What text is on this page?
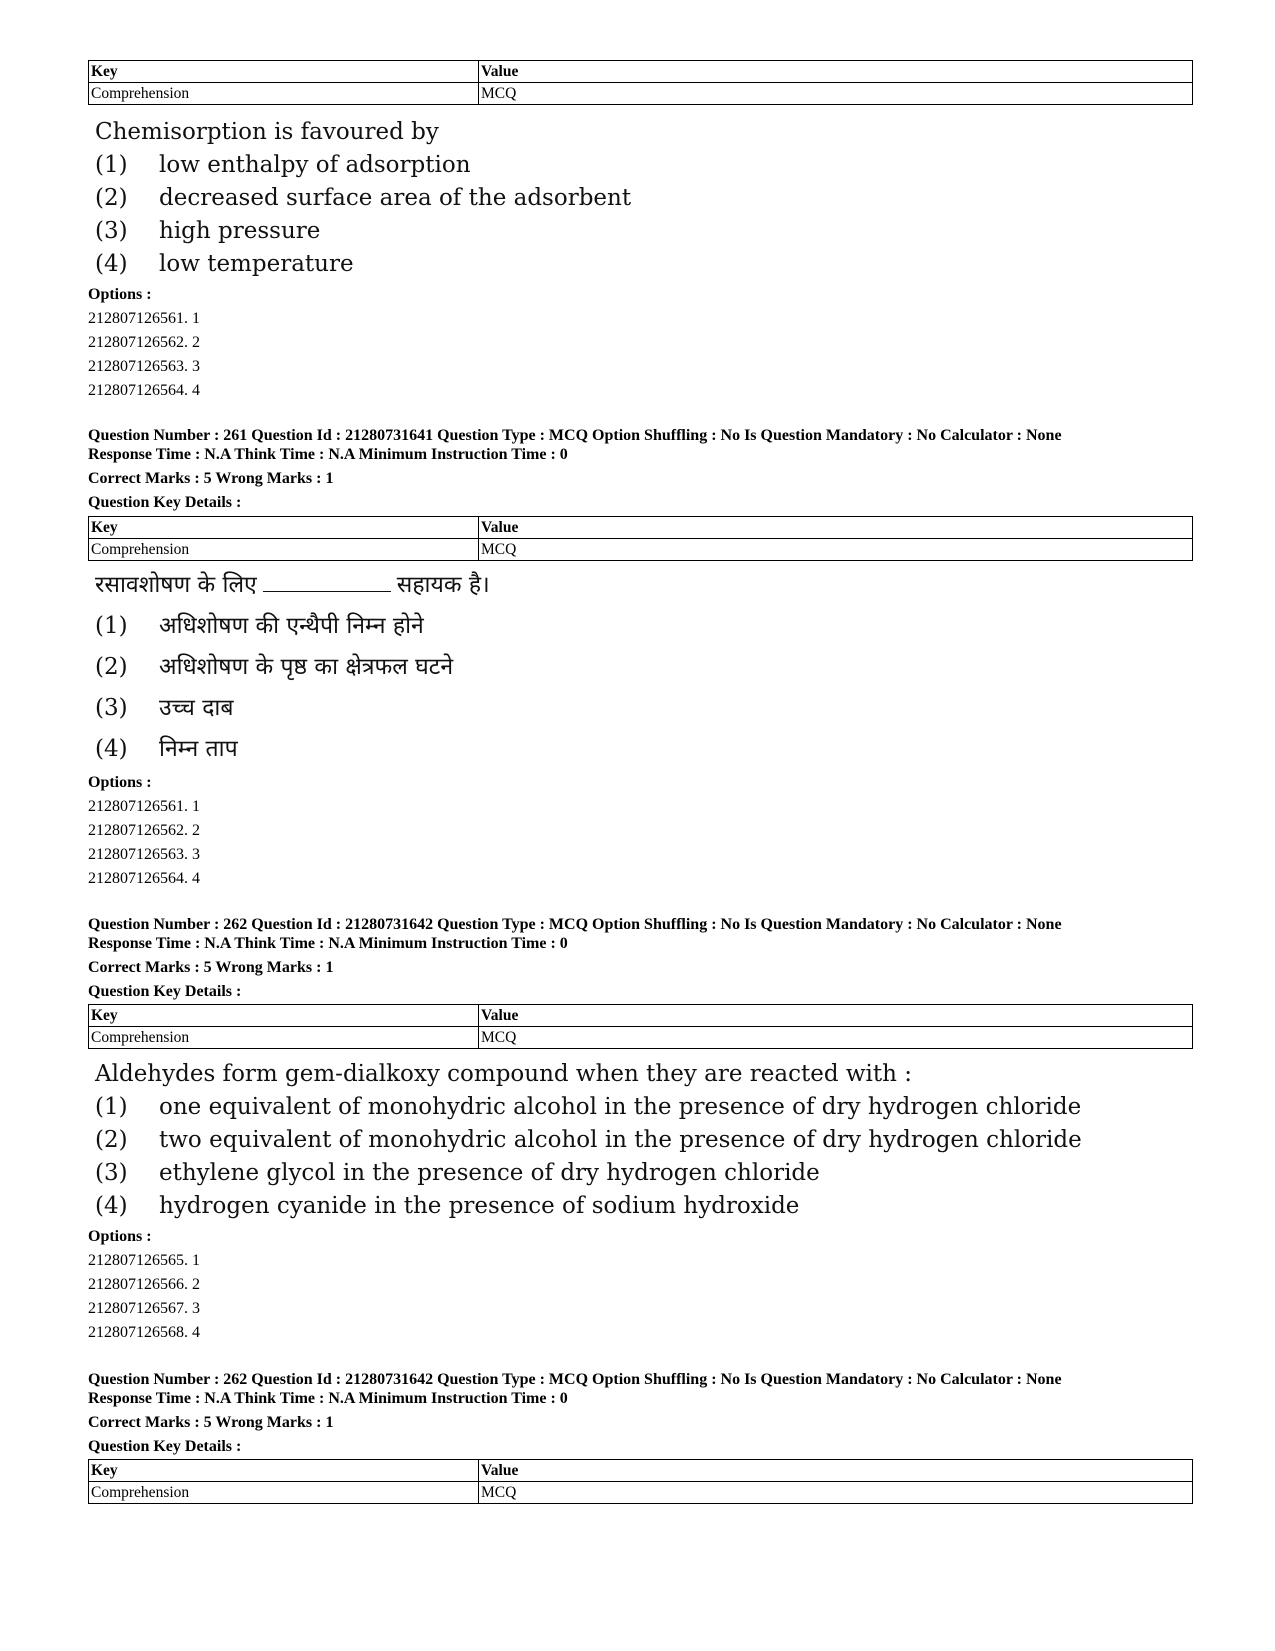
Key	Value
Comprehension	MCQ
Chemisorption is favoured by
(1) low enthalpy of adsorption
(2) decreased surface area of the adsorbent
(3) high pressure
(4) low temperature
Options :
212807126561. 1
212807126562. 2
212807126563. 3
212807126564. 4
Question Number : 261 Question Id : 21280731641 Question Type : MCQ Option Shuffling : No Is Question Mandatory : No Calculator : None
Response Time : N.A Think Time : N.A Minimum Instruction Time : 0
Correct Marks : 5 Wrong Marks : 1
Question Key Details :
Key	Value
Comprehension	MCQ
रसावशोषण के लिए	सहायक है।
(1) अधिशोषण की एन्थैपी निम्न होने
(2) अधिशोषण के पृष्ठ का क्षेत्रफल घटने
(3) उच्च दाब
(4) निम्न ताप
Options :
212807126561. 1
212807126562. 2
212807126563. 3
212807126564. 4
Question Number : 262 Question Id : 21280731642 Question Type : MCQ Option Shuffling : No Is Question Mandatory : No Calculator : None
Response Time : N.A Think Time : N.A Minimum Instruction Time : 0
Correct Marks : 5 Wrong Marks : 1
Question Key Details :
Key	Value
Comprehension	MCQ
Aldehydes form gem-dialkoxy compound when they are reacted with :
(1) one equivalent of monohydric alcohol in the presence of dry hydrogen chloride
(2) two equivalent of monohydric alcohol in the presence of dry hydrogen chloride
(3) ethylene glycol in the presence of dry hydrogen chloride
(4) hydrogen cyanide in the presence of sodium hydroxide
Options :
212807126565. 1
212807126566. 2
212807126567. 3
212807126568. 4
Question Number : 262 Question Id : 21280731642 Question Type : MCQ Option Shuffling : No Is Question Mandatory : No Calculator : None
Response Time : N.A Think Time : N.A Minimum Instruction Time : 0
Correct Marks : 5 Wrong Marks : 1
Question Key Details :
Key	Value
Comprehension	MCQ
